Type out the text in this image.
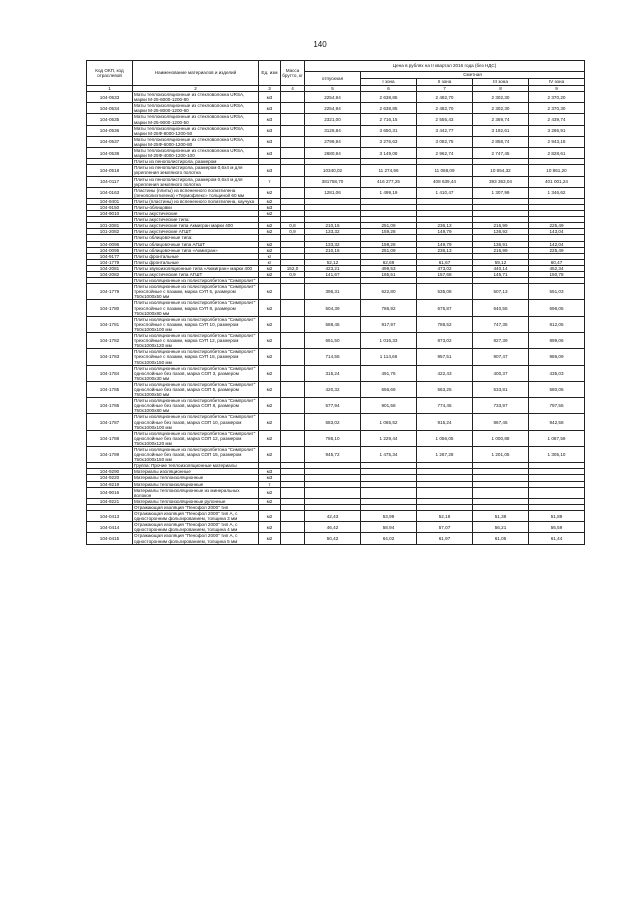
140
Код ОКП, код отраслевой	Наименование материалов и изделий	Ед. изм	Масса брутто, кг	Цена в рублях на II квартал 2016 года (без НДС)				
				отпускная	Сметная			
					I зона	II зона	III зона	IV зона
1	2	3	4	5	6	7	8	9
104-0533	Маты теплоизоляционные из стекловолокна URSA, марки М-25-6000-1200-80	м3		2254,94	2 638,85	2 482,70	2 302,30	2 370,20
104-0534	Маты теплоизоляционные из стекловолокна URSA, марки М-25-8000-1200-60	м3		2254,94	2 638,85	2 482,70	2 302,30	2 370,30
104-0535	Маты теплоизоляционные из стекловолокна URSA, марки М-25-9000-1200-50	м3		2321,00	2 716,15	2 555,43	2 369,74	2 439,74
104-0536	Маты теплоизоляционные из стекловолокна URSA, марки М-25Ф-8000-1200-50	м3		3126,84	3 650,31	3 442,77	3 192,61	3 286,91
104-0537	Маты теплоизоляционные из стекловолокна URSA, марки М-25Ф-6000-1200-80	м3		2799,94	3 276,63	3 082,75	2 858,74	2 943,18
104-0538	Маты теплоизоляционные из стекловолокна URSA, марки М-25Ф-4000-1200-100	м3		2680,94	3 149,08	2 962,74	2 747,45	2 828,61
	Плиты из пенополистирола, размером							
104-0518	Плиты из пенополистирола, размером 0,6х4 м для укрепления земляного полотна	м3		10340,02	11 274,96	11 068,09	10 654,32	10 861,20
104-0117	Плиты из пенополистирола, размером 0,6х4 м для укрепления земляного полотна	т		381758,70	416 277,25	408 639,44	393 363,04	401 001,24
104-0163	Пластины (плиты) из вспененного полиэтилена (пенополиэтилена) «Термофлекс» толщиной 60 мм	м2		1281,06	1 499,19	1 410,47	1 307,99	1 346,62
104-9401	Плиты (пластины) из вспененного полиэтилена, каучука	м2						
104-9150	Плиты-облицовки	м3						
104-9010	Плиты акустические	м2						
	Плиты акустические типа:							
101-2081	Плиты акустические типа Акмигран марки 400	м2	0,8	210,16	251,09	236,13	216,99	225,49
101-2082	Плиты акустические АГШТ	м2	0,9	133,32	159,28	149,79	136,92	143,04
	Плиты облицовочные типа:							
104-0096	Плиты облицовочные типа АГШТ	м2		133,32	159,28	149,79	136,91	142,04
104-0095	Плиты облицовочные типа «Акмигран»	м2		210,16	251,09	236,13	216,99	225,49
104-9177	Плиты фронтальные	кг						
104-1779	Плиты фронтальные	кг		52,12	62,69	61,67	59,12	60,47
104-2081	Плиты звукоизоляционные типа «Акмигран» марки 400	м2	152,0	423,21	499,53	473,02	440,14	452,34
104-2082	Плиты акустические типа АГШТ	м2	0,9	141,67	165,51	157,68	145,71	150,78
	Плиты изоляционные из полистиролбетона "Симпролит"							
104-1779	Плиты изоляционные из полистиролбетона "Симпролит" трехслойные с пазами, марка СУП 5, размером 750х1000х50 мм	м2		396,31	622,80	535,08	507,13	551,03
104-1780	Плиты изоляционные из полистиролбетона "Симпролит" трехслойные с пазами, марка СУП 8, размером 750х1000х80 мм	м2		504,39	786,92	675,87	640,55	696,05
104-1781	Плиты изоляционные из полистиролбетона "Симпролит" трехслойные с пазами, марка СУП 10, размером 750х1000х100 мм	м2		588,45	917,97	788,52	747,35	812,05
104-1782	Плиты изоляционные из полистиролбетона "Симпролит" трехслойные с пазами, марка СУП 12, размером 750х1000х120 мм	м2		651,50	1 016,33	873,02	827,39	899,06
104-1783	Плиты изоляционные из полистиролбетона "Симпролит" трехслойные с пазами, марка СУП 15, размером 750х1000х150 мм	м2		714,55	1 114,66	957,51	907,47	986,09
104-1784	Плиты изоляционные из полистиролбетона "Симпролит" однослойные без пазов, марка СОП 3, размером 750х1000х30 мм	м2		315,24	491,76	422,43	400,37	435,03
104-1785	Плиты изоляционные из полистиролбетона "Симпролит" однослойные без пазов, марка СОП 5, размером 750х1000х50 мм	м2		420,32	656,69	563,25	533,81	580,05
104-1786	Плиты изоляционные из полистиролбетона "Симпролит" однослойные без пазов, марка СОП 8, размером 750х1000х80 мм	м2		577,94	901,58	774,45	733,97	797,55
104-1787	Плиты изоляционные из полистиролбетона "Симпролит" однослойные без пазов, марка СОП 10, размером 750х1000х100 мм	м2		683,02	1 065,52	915,24	867,45	942,58
104-1788	Плиты изоляционные из полистиролбетона "Симпролит" однослойные без пазов, марка СОП 12, размером 750х1000х120 мм	м2		788,10	1 229,44	1 056,05	1 000,88	1 087,59
104-1789	Плиты изоляционные из полистиролбетона "Симпролит" однослойные без пазов, марка СОП 15, размером 750х1000х150 мм	м2		945,72	1 475,34	1 267,28	1 201,05	1 305,10
	Группа: Прочие теплоизоляционные материалы							
104-9290	Материалы изоляционные	м3						
104-9220	Материалы теплоизоляционные	м3						
104-9219	Материалы теплоизоляционные	т						
104-9016	Материалы теплоизоляционные из минеральных волокон	м2						
104-9221	Материалы теплоизоляционные рулонные	м2						
	Отражающая изоляция "Пенофол 2000" тип							
104-0413	Отражающая изоляция "Пенофол 2000" тип А, с односторонним фольгированием, толщина 3 мм	м2		42,43	53,99	52,18	51,38	51,89
104-0414	Отражающая изоляция "Пенофол 2000" тип А, с односторонним фольгированием, толщина 4 мм	м2		46,42	58,94	57,07	56,21	56,59
104-0415	Отражающая изоляция "Пенофол 2000" тип А, с односторонним фольгированием, толщина 5 мм	м2		50,42	64,02	61,97	61,05	61,44
